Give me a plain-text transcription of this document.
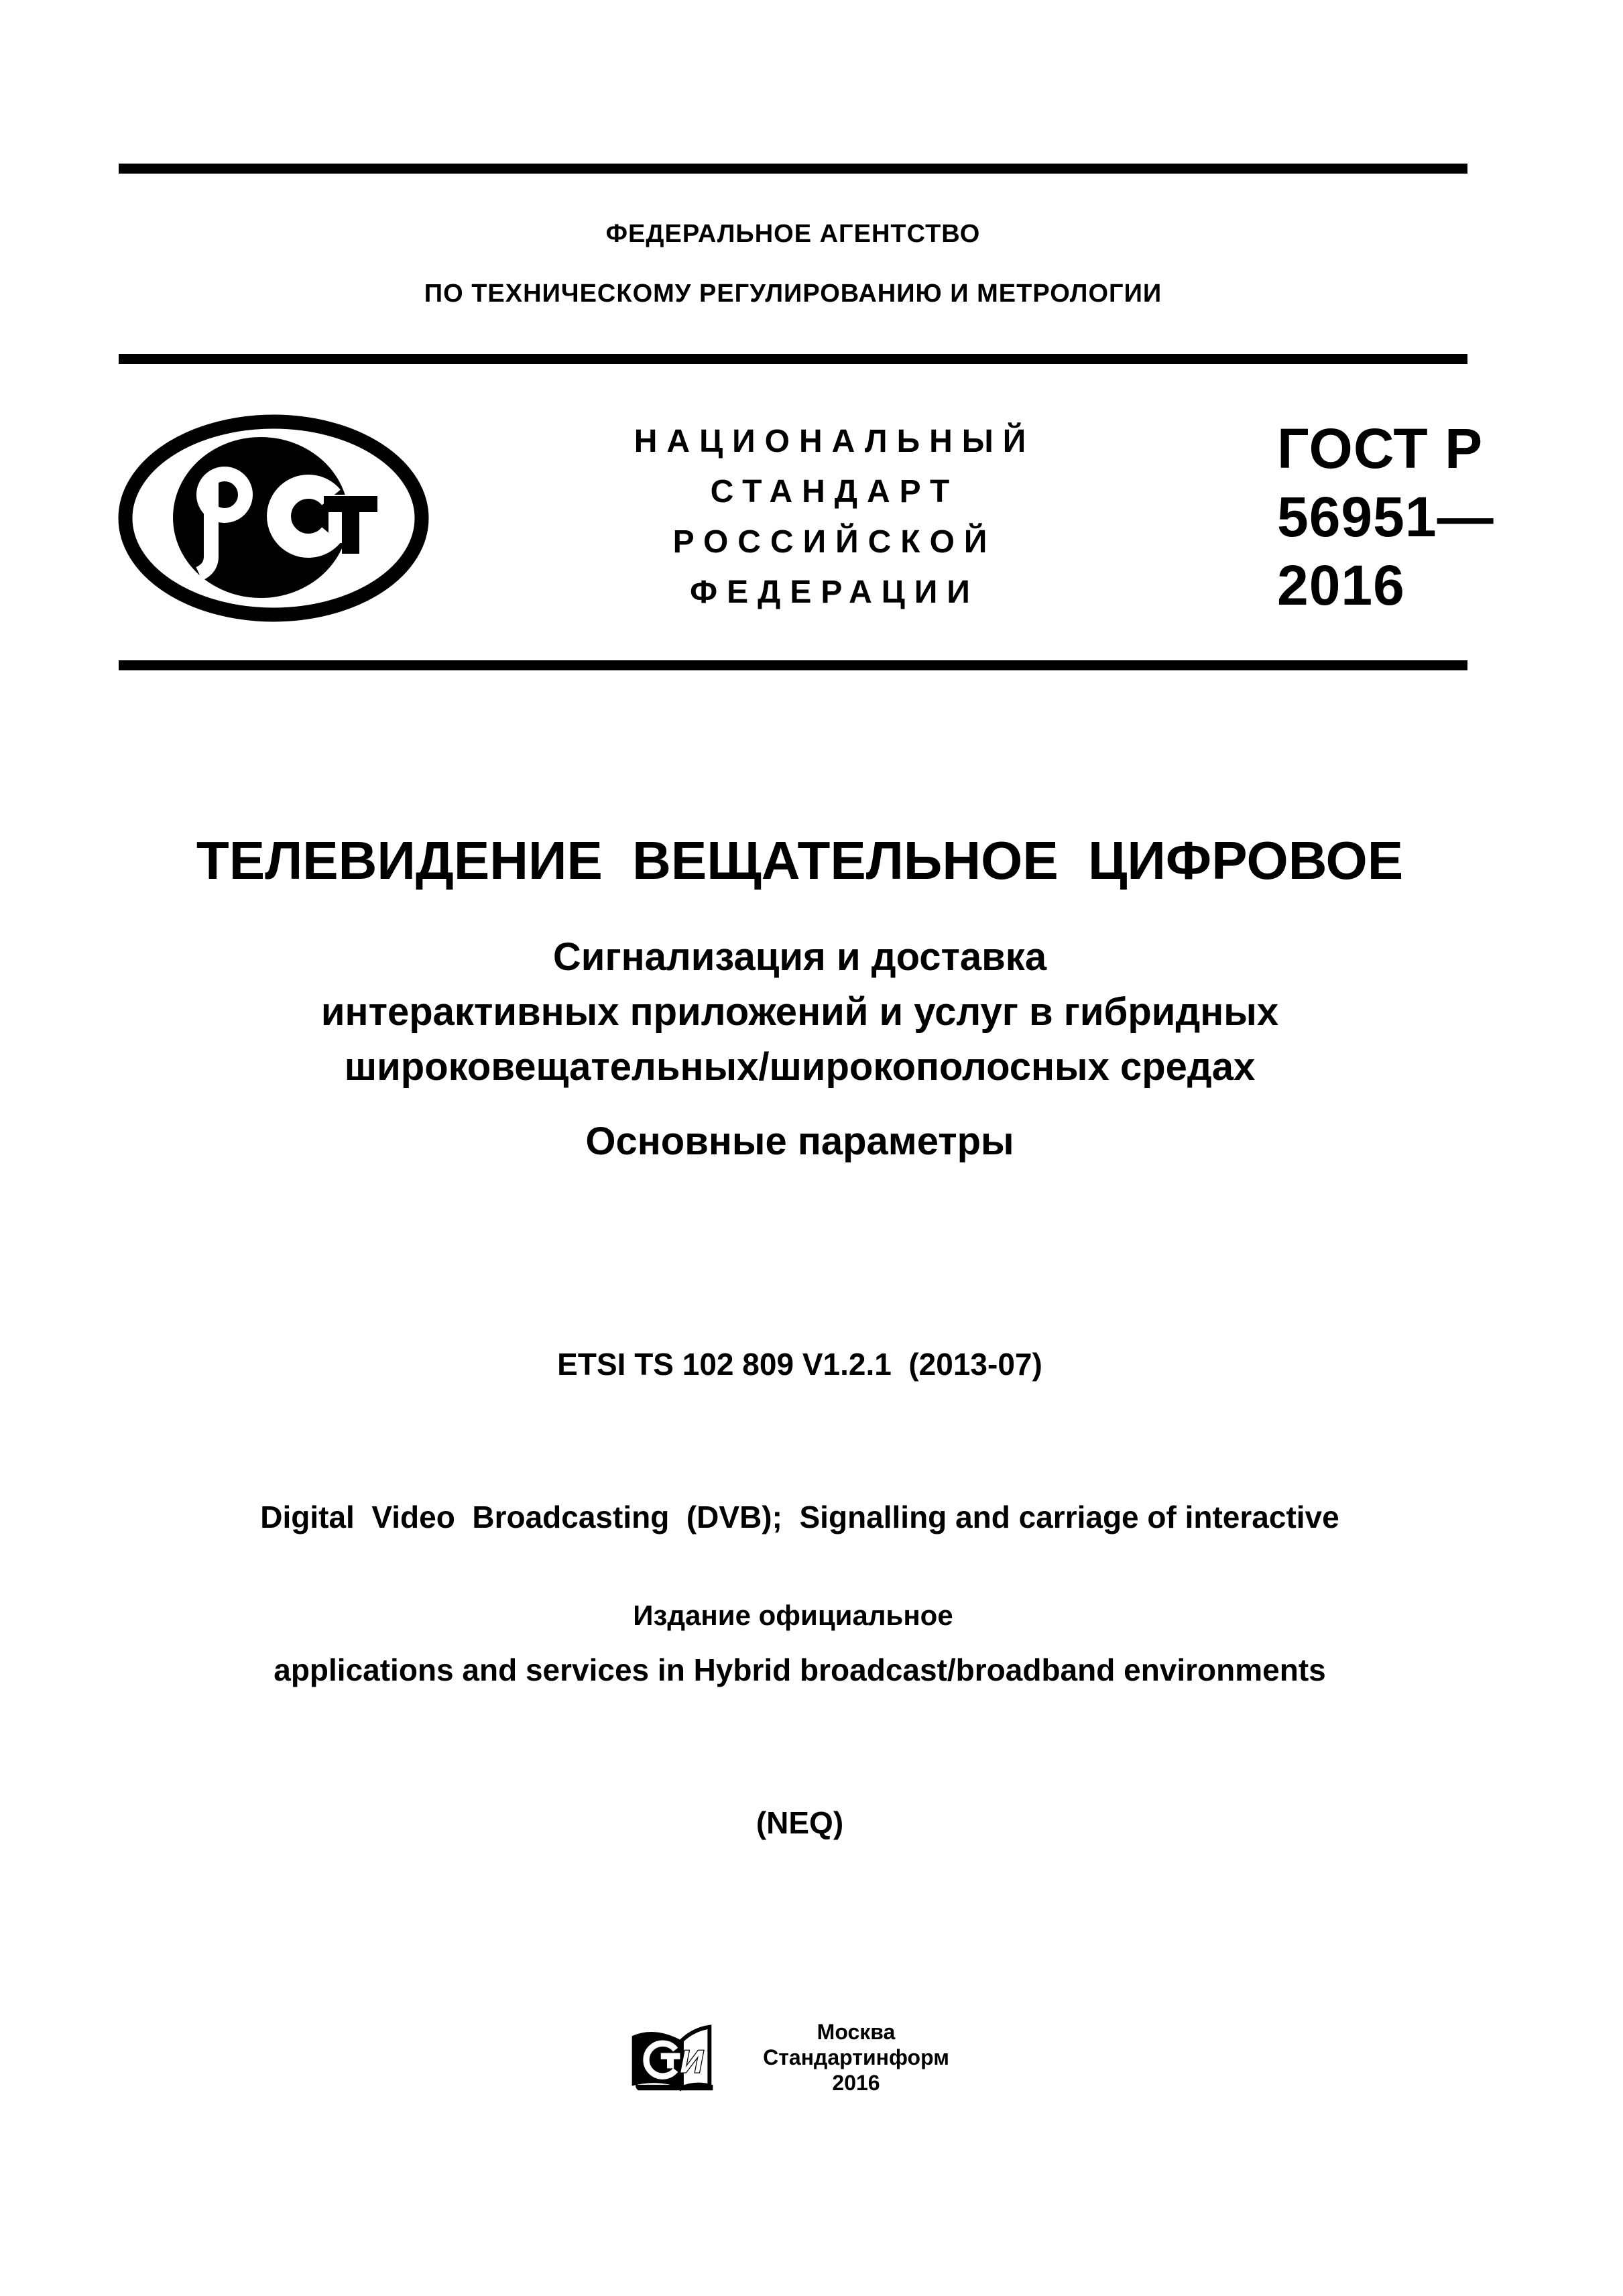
ФЕДЕРАЛЬНОЕ АГЕНТСТВО
ПО ТЕХНИЧЕСКОМУ РЕГУЛИРОВАНИЮ И МЕТРОЛОГИИ
НАЦИОНАЛЬНЫЙ
СТАНДАРТ
РОССИЙСКОЙ
ФЕДЕРАЦИИ
ГОСТ Р
56951—
2016
ТЕЛЕВИДЕНИЕ ВЕЩАТЕЛЬНОЕ ЦИФРОВОЕ
Сигнализация и доставка
интерактивных приложений и услуг в гибридных
широковещательных/широкополосных средах
Основные параметры

ETSI TS 102 809 V1.2.1  (2013-07)

Digital  Video  Broadcasting  (DVB);  Signalling and carriage of interactive

applications and services in Hybrid broadcast/broadband environments

(NEQ)

Издание официальное
И
Москва
Стандартинформ
2016
